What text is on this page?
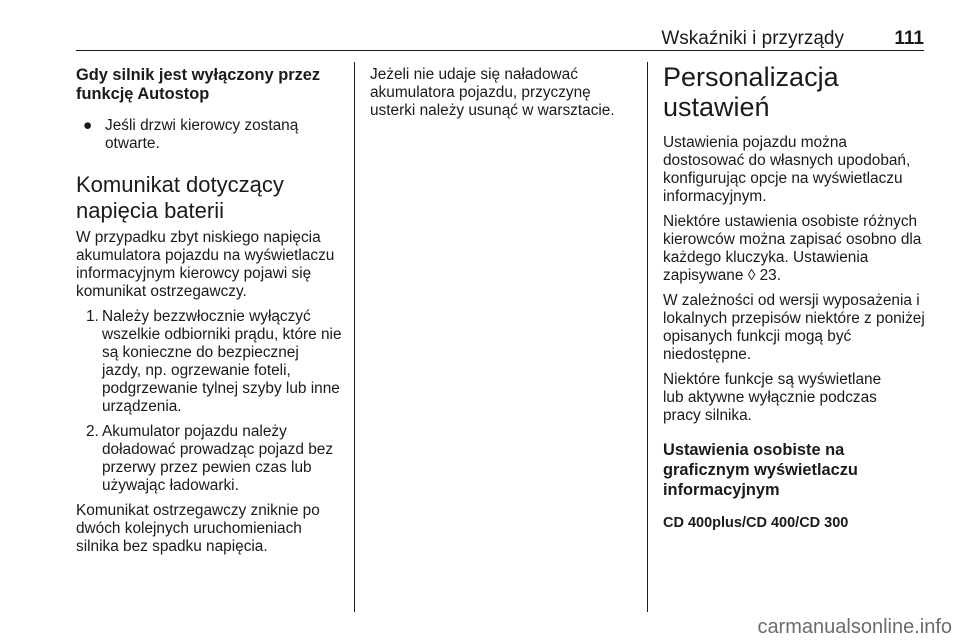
Wskaźniki i przyrządy	111

Gdy silnik jest wyłączony przez funkcję Autostop

● Jeśli drzwi kierowcy zostaną otwarte.

Komunikat dotyczący napięcia baterii

W przypadku zbyt niskiego napięcia akumulatora pojazdu na wyświetlaczu informacyjnym kierowcy pojawi się komunikat ostrzegawczy.

1. Należy bezzwłocznie wyłączyć wszelkie odbiorniki prądu, które nie są konieczne do bezpiecznej jazdy, np. ogrzewanie foteli, podgrzewanie tylnej szyby lub inne urządzenia.
2. Akumulator pojazdu należy doładować prowadząc pojazd bez przerwy przez pewien czas lub używając ładowarki.

Komunikat ostrzegawczy zniknie po dwóch kolejnych uruchomieniach silnika bez spadku napięcia.

Jeżeli nie udaje się naładować akumulatora pojazdu, przyczynę usterki należy usunąć w warsztacie.

Personalizacja ustawień

Ustawienia pojazdu można dostosować do własnych upodobań, konfigurując opcje na wyświetlaczu informacyjnym.

Niektóre ustawienia osobiste różnych kierowców można zapisać osobno dla każdego kluczyka. Ustawienia zapisywane ◊ 23.

W zależności od wersji wyposażenia i lokalnych przepisów niektóre z poniżej opisanych funkcji mogą być niedostępne.

Niektóre funkcje są wyświetlane lub aktywne wyłącznie podczas pracy silnika.

Ustawienia osobiste na graficznym wyświetlaczu informacyjnym

CD 400plus/CD 400/CD 300

carmanualsonline.info
